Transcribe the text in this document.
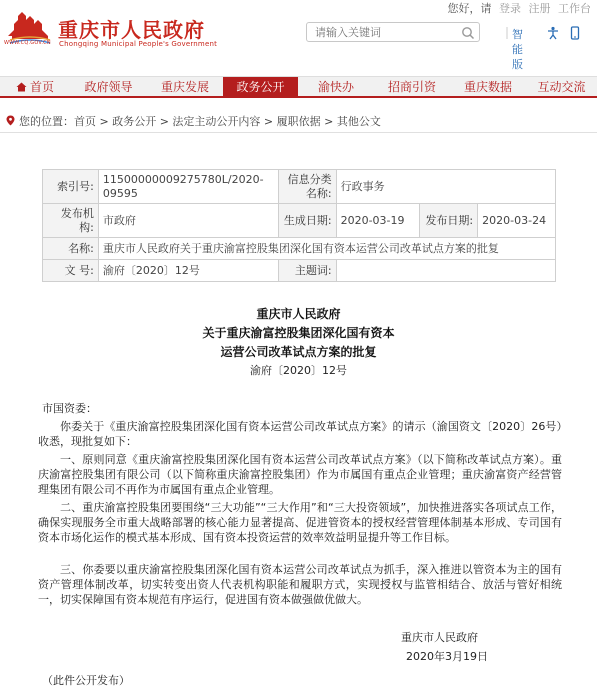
WWW.CQ.GOV.CN
重庆市人民政府
Chongqing Municipal People's Government
您好，请 登录 注册 工作台
请输入关键词
智能版
首页	政府领导	重庆发展	政务公开	渝快办	招商引资	重庆数据	互动交流
您的位置：首页 > 政务公开 > 法定主动公开内容 > 履职依据 > 其他公文
索引号:	11500000009275780L/2020-09595	信息分类名称:	行政事务		
发布机构:	市政府	生成日期:	2020-03-19	发布日期:	2020-03-24
名称:	重庆市人民政府关于重庆渝富控股集团深化国有资本运营公司改革试点方案的批复				
文 号:	渝府〔2020〕12号	主题词:			
重庆市人民政府
关于重庆渝富控股集团深化国有资本
运营公司改革试点方案的批复
渝府〔2020〕12号
市国资委：
你委关于《重庆渝富控股集团深化国有资本运营公司改革试点方案》的请示（渝国资文〔2020〕26号）收悉，现批复如下：
一、原则同意《重庆渝富控股集团深化国有资本运营公司改革试点方案》（以下简称改革试点方案）。重庆渝富控股集团有限公司（以下简称重庆渝富控股集团）作为市属国有重点企业管理；重庆渝富资产经营管理集团有限公司不再作为市属国有重点企业管理。
二、重庆渝富控股集团要围绕“三大功能”“三大作用”和“三大投资领域”，加快推进落实各项试点工作，确保实现服务全市重大战略部署的核心能力显著提高、促进管资本的授权经营管理体制基本形成、专司国有资本市场化运作的模式基本形成、国有资本投资运营的效率效益明显提升等工作目标。
三、你委要以重庆渝富控股集团深化国有资本运营公司改革试点为抓手，深入推进以管资本为主的国有资产管理体制改革，切实转变出资人代表机构职能和履职方式，实现授权与监管相结合、放活与管好相统一，切实保障国有资本规范有序运行，促进国有资本做强做优做大。
重庆市人民政府
2020年3月19日
（此件公开发布）
